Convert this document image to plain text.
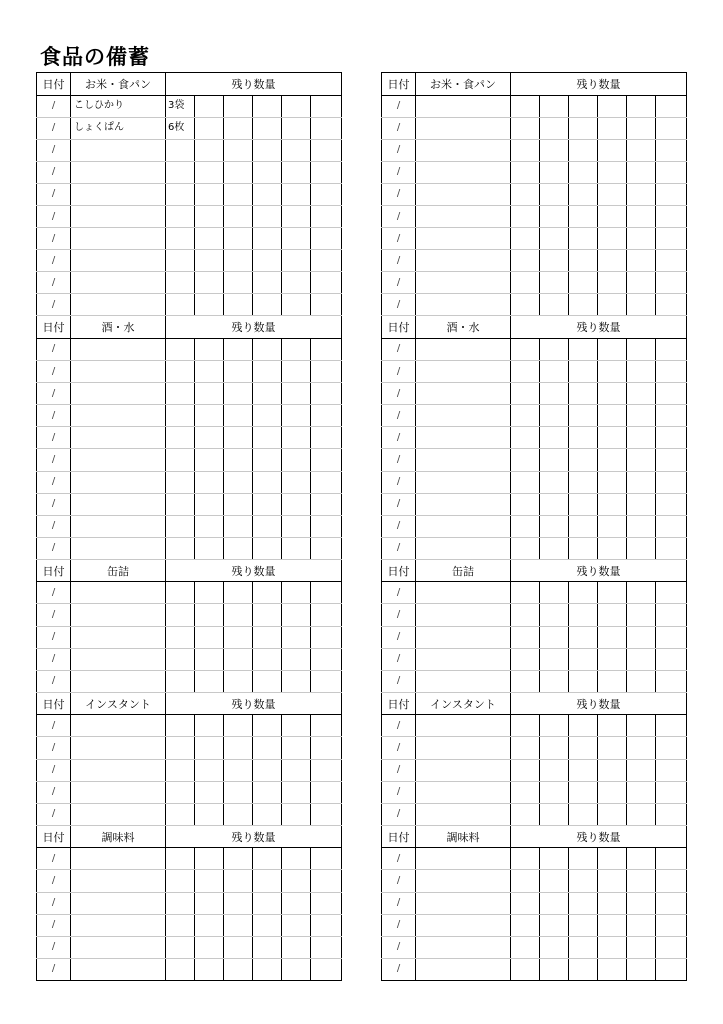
食品の備蓄
日付	お米・食パン	残り数量					
/	こしひかり	3袋					
/	しょくぱん	6枚					
/							
/							
/							
/							
/							
/							
/							
/							
日付	酒・水	残り数量					
/							
/							
/							
/							
/							
/							
/							
/							
/							
/							
日付	缶詰	残り数量					
/							
/							
/							
/							
/							
日付	インスタント	残り数量					
/							
/							
/							
/							
/							
日付	調味料	残り数量					
/							
/							
/							
/							
/							
/							
日付	お米・食パン	残り数量					
/							
/							
/							
/							
/							
/							
/							
/							
/							
/							
日付	酒・水	残り数量					
/							
/							
/							
/							
/							
/							
/							
/							
/							
/							
日付	缶詰	残り数量					
/							
/							
/							
/							
/							
日付	インスタント	残り数量					
/							
/							
/							
/							
/							
日付	調味料	残り数量					
/							
/							
/							
/							
/							
/							
